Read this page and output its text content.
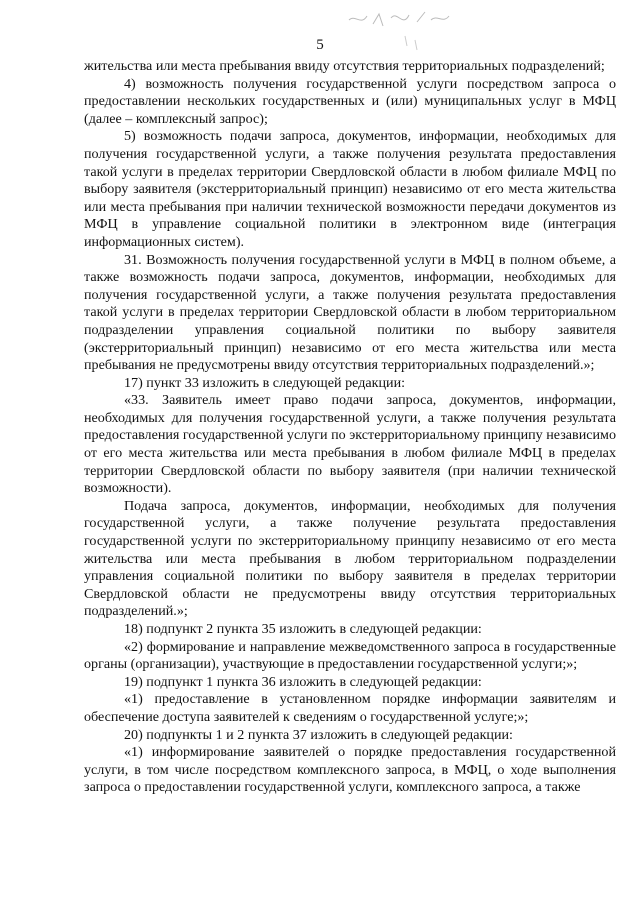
5

жительства или места пребывания ввиду отсутствия территориальных подразделений;

4) возможность получения государственной услуги посредством запроса о предоставлении нескольких государственных и (или) муниципальных услуг в МФЦ (далее – комплексный запрос);

5) возможность подачи запроса, документов, информации, необходимых для получения государственной услуги, а также получения результата предоставления такой услуги в пределах территории Свердловской области в любом филиале МФЦ по выбору заявителя (экстерриториальный принцип) независимо от его места жительства или места пребывания при наличии технической возможности передачи документов из МФЦ в управление социальной политики в электронном виде (интеграция информационных систем).

31. Возможность получения государственной услуги в МФЦ в полном объеме, а также возможность подачи запроса, документов, информации, необходимых для получения государственной услуги, а также получения результата предоставления такой услуги в пределах территории Свердловской области в любом территориальном подразделении управления социальной политики по выбору заявителя (экстерриториальный принцип) независимо от его места жительства или места пребывания не предусмотрены ввиду отсутствия территориальных подразделений.»;

17) пункт 33 изложить в следующей редакции:

«33. Заявитель имеет право подачи запроса, документов, информации, необходимых для получения государственной услуги, а также получения результата предоставления государственной услуги по экстерриториальному принципу независимо от его места жительства или места пребывания в любом филиале МФЦ в пределах территории Свердловской области по выбору заявителя (при наличии технической возможности).

Подача запроса, документов, информации, необходимых для получения государственной услуги, а также получение результата предоставления государственной услуги по экстерриториальному принципу независимо от его места жительства или места пребывания в любом территориальном подразделении управления социальной политики по выбору заявителя в пределах территории Свердловской области не предусмотрены ввиду отсутствия территориальных подразделений.»;

18) подпункт 2 пункта 35 изложить в следующей редакции:

«2) формирование и направление межведомственного запроса в государственные органы (организации), участвующие в предоставлении государственной услуги;»;

19) подпункт 1 пункта 36 изложить в следующей редакции:

«1) предоставление в установленном порядке информации заявителям и обеспечение доступа заявителей к сведениям о государственной услуге;»;

20) подпункты 1 и 2 пункта 37 изложить в следующей редакции:

«1) информирование заявителей о порядке предоставления государственной услуги, в том числе посредством комплексного запроса, в МФЦ, о ходе выполнения запроса о предоставлении государственной услуги, комплексного запроса, а также
